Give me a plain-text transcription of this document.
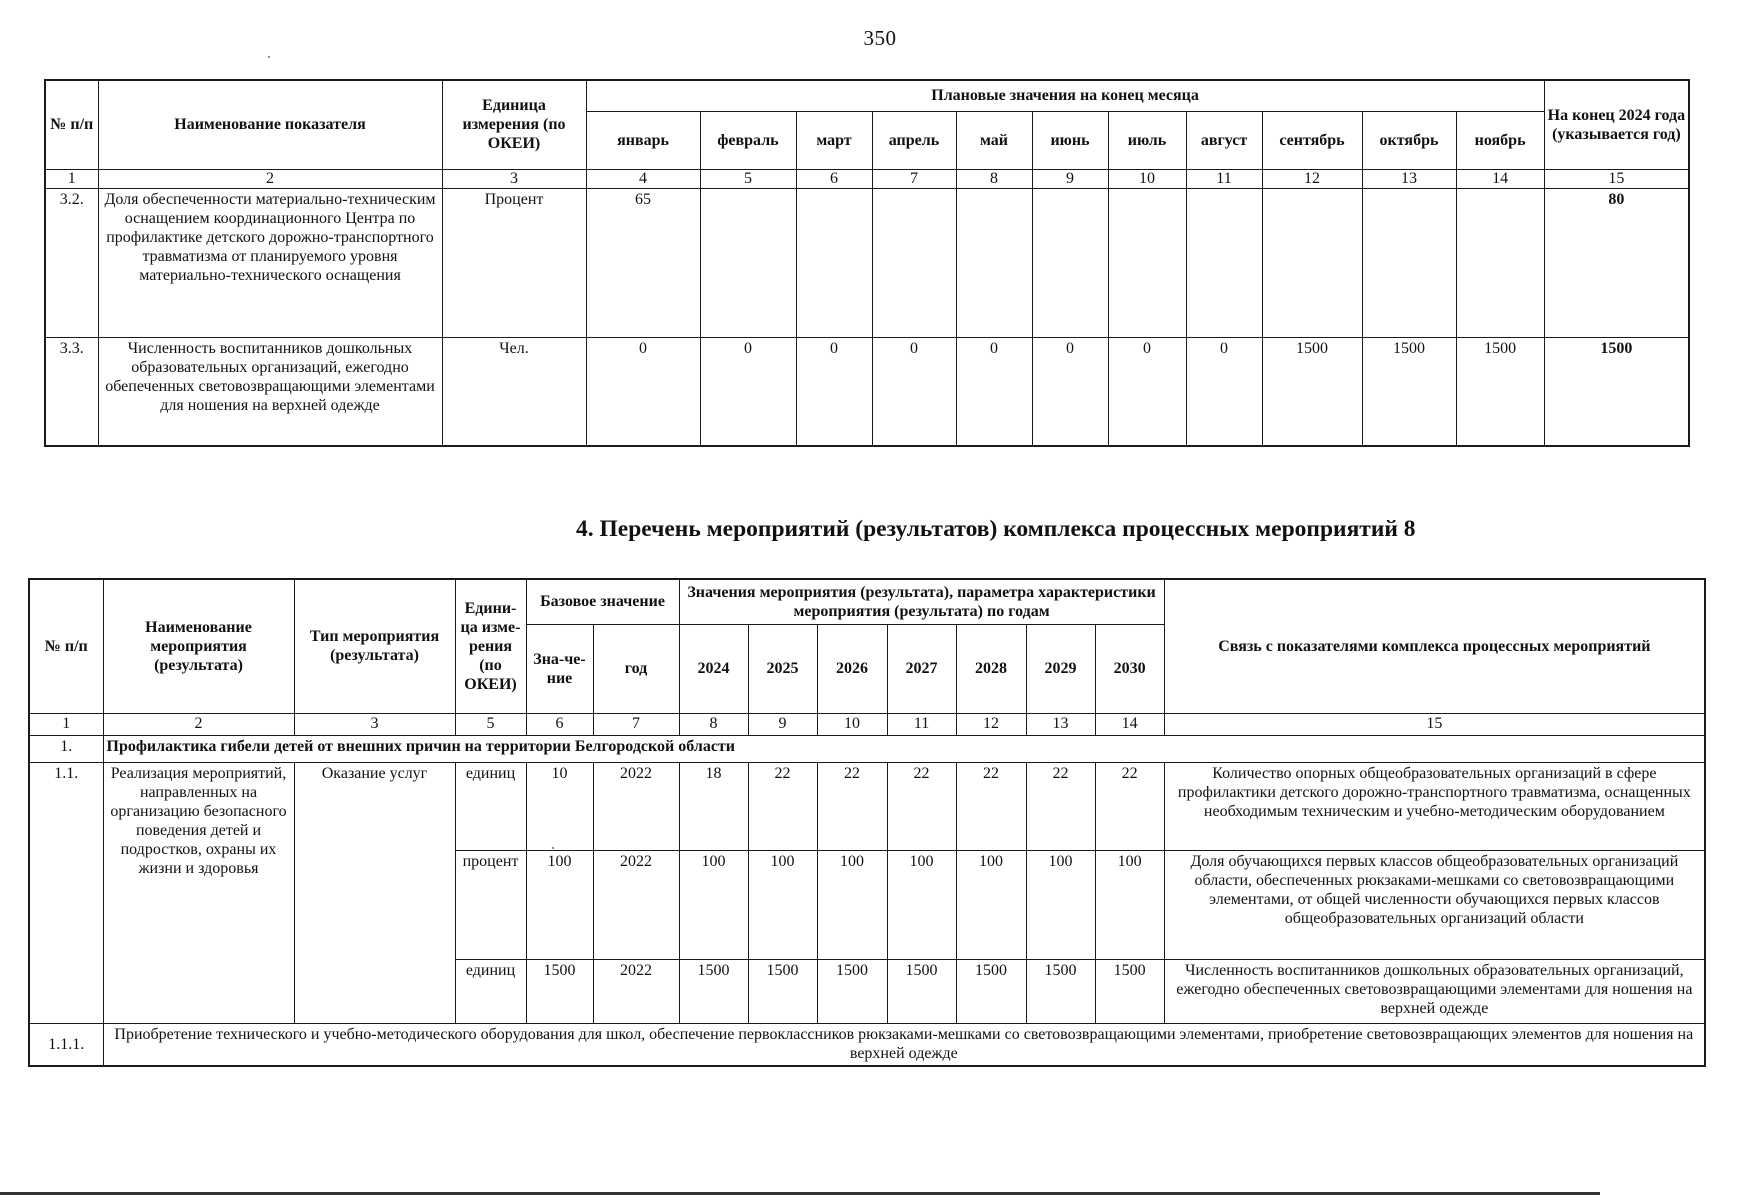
350
№ п/п	Наименование показателя	Единица измерения (по ОКЕИ)	Плановые значения на конец месяца											На конец 2024 года (указывается год)
			январь	февраль	март	апрель	май	июнь	июль	август	сентябрь	октябрь	ноябрь	
1	2	3	4	5	6	7	8	9	10	11	12	13	14	15
3.2.	Доля обеспеченности материально-техническим оснащением координационного Центра по профилактике детского дорожно-транспортного травматизма от планируемого уровня материально-технического оснащения	Процент	65											80
3.3.	Численность воспитанников дошкольных образовательных организаций, ежегодно обепеченных световозвращающими элементами для ношения на верхней одежде	Чел.	0	0	0	0	0	0	0	0	1500	1500	1500	1500
4. Перечень мероприятий (результатов) комплекса процессных мероприятий 8
№ п/п	Наименование мероприятия (результата)	Тип мероприятия (результата)	Едини-ца изме-рения (по ОКЕИ)	Базовое значение		Значения мероприятия (результата), параметра характеристики мероприятия (результата) по годам							Связь с показателями комплекса процессных мероприятий
				Зна-че-ние	год	2024	2025	2026	2027	2028	2029	2030	
1	2	3	5	6	7	8	9	10	11	12	13	14	15
1.	Профилактика гибели детей от внешних причин на территории Белгородской области												
1.1.	Реализация мероприятий, направленных на организацию безопасного поведения детей и подростков, охраны их жизни и здоровья	Оказание услуг	единиц	10	2022	18	22	22	22	22	22	22	Количество опорных общеобразовательных организаций в сфере профилактики детского дорожно-транспортного травматизма, оснащенных необходимым техническим и учебно-методическим оборудованием
			процент	100	2022	100	100	100	100	100	100	100	Доля обучающихся первых классов общеобразовательных организаций области, обеспеченных рюкзаками-мешками со световозвращающими элементами, от общей численности обучающихся первых классов общеобразовательных организаций области
			единиц	1500	2022	1500	1500	1500	1500	1500	1500	1500	Численность воспитанников дошкольных образовательных организаций, ежегодно обеспеченных световозвращающими элементами для ношения на верхней одежде
1.1.1.	Приобретение технического и учебно-методического оборудования для школ, обеспечение первоклассников рюкзаками-мешками со световозвращающими элементами, приобретение световозвращающих элементов для ношения на верхней одежде												
